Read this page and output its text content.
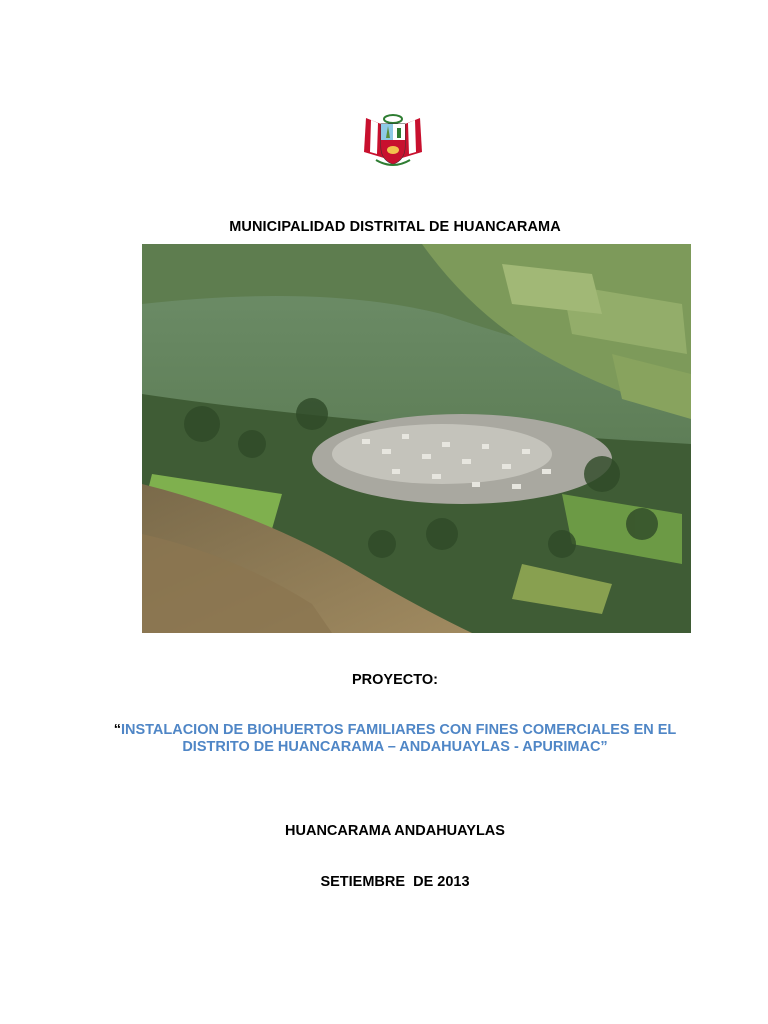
MUNICIPALIDAD DISTRITAL DE HUANCARAMA
PROYECTO:
“INSTALACION DE BIOHUERTOS FAMILIARES CON FINES COMERCIALES EN EL DISTRITO DE HUANCARAMA – ANDAHUAYLAS - APURIMAC”
HUANCARAMA ANDAHUAYLAS
SETIEMBRE  DE 2013
